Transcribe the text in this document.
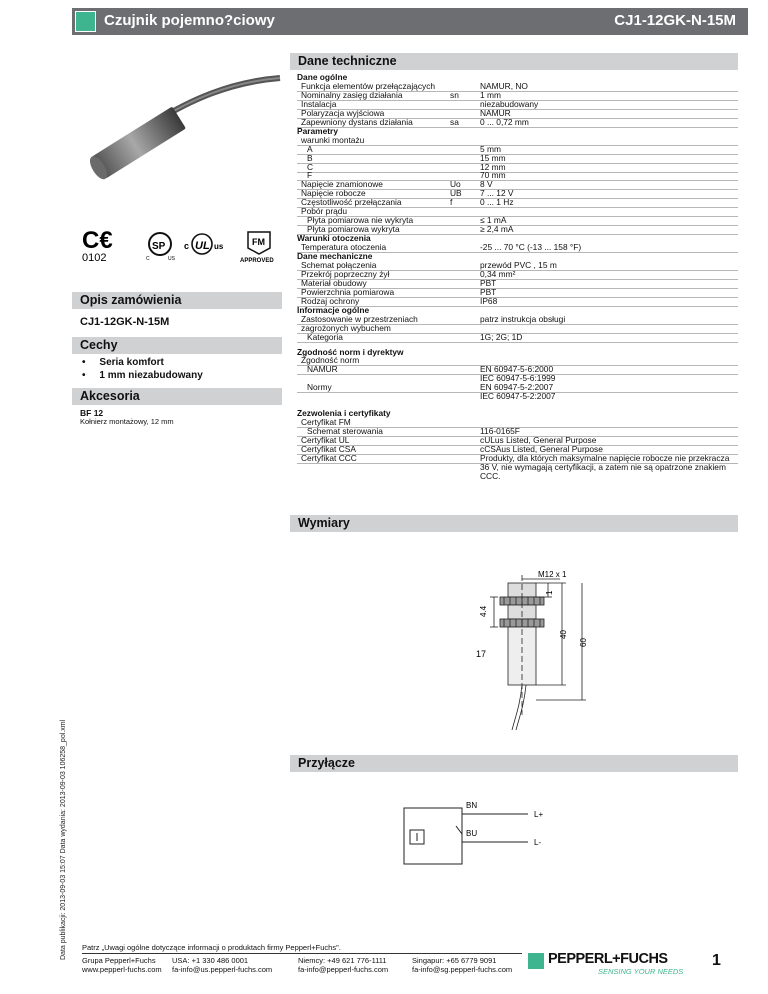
Czujnik pojemno?ciowy	CJ1-12GK-N-15M
C€
0102
SP
C	US
UL
c	us	FM
APPROVED
Opis zamówienia
CJ1-12GK-N-15M
Cechy
•     Seria komfort
•     1 mm niezabudowany
Akcesoria
BF 12
Kołnierz montażowy, 12 mm
Dane techniczne
Dane ogólne
Funkcja elementów przełączających	NAMUR, NO
Nominalny zasięg działania	sn	1 mm
Instalacja	niezabudowany
Polaryzacja wyjściowa	NAMUR
Zapewniony dystans działania	sa	0 ... 0,72 mm
Parametry
warunki montażu
A	5 mm
B	15 mm
C	12 mm
F	70 mm
Napięcie znamionowe	Uo 8 V
Napięcie robocze	UB 7 ... 12 V
Częstotliwość przełączania	f	0 ... 1 Hz
Pobór prądu
Płyta pomiarowa nie wykryta	≤ 1 mA
Płyta pomiarowa wykryta	≥ 2,4 mA
Warunki otoczenia
Temperatura otoczenia	-25 ... 70 °C (-13 ... 158 °F)
Dane mechaniczne
Schemat połączenia	przewód PVC , 15 m
Przekrój poprzeczny żył	0,34 mm²
Materiał obudowy	PBT
Powierzchnia pomiarowa	PBT
Rodzaj ochrony	IP68
Informacje ogólne
Zastosowanie w przestrzeniach	patrz instrukcja obsługi
zagrożonych wybuchem
Kategoria	1G; 2G; 1D
Zgodność norm i dyrektyw
Zgodność norm
NAMUR	EN 60947-5-6:2000
IEC 60947-5-6:1999
Normy	EN 60947-5-2:2007
IEC 60947-5-2:2007
Zezwolenia i certyfikaty
Certyfikat FM
Schemat sterowania	116-0165F
Certyfikat UL	cULus Listed, General Purpose
Certyfikat CSA	cCSAus Listed, General Purpose
Certyfikat CCC	Produkty, dla których maksymalne napięcie robocze nie przekracza
36 V, nie wymagają certyfikacji, a zatem nie są opatrzone znakiem
CCC.
Wymiary
M12 x 1
4.4
1
40
60
17
Przyłącze
BN
BU
L+
L-
Data publikacji: 2013-09-03 15:07 Data wydania: 2013-09-03 106258_pol.xml Patrz „Uwagi ogólne dotyczące informacji o produktach firmy Pepperl+Fuchs".
Grupa Pepperl+Fuchs
www.pepperl-fuchs.com
USA: +1 330 486 0001
fa-info@us.pepperl-fuchs.com
Niemcy: +49 621 776-1111
fa-info@pepperl-fuchs.com
Singapur: +65 6779 9091
fa-info@sg.pepperl-fuchs.com
PEPPERL+FUCHS
SENSING YOUR NEEDS
1
